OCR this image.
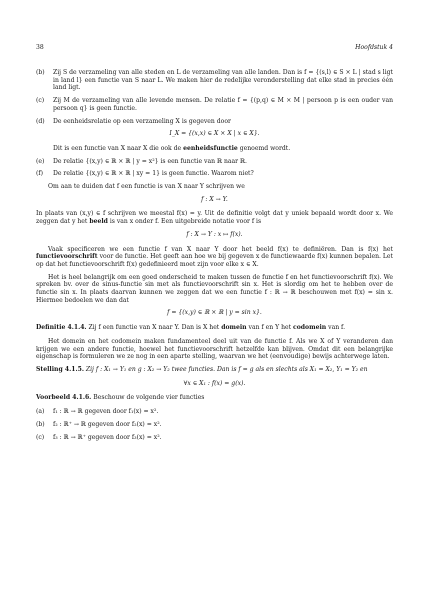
38	Hoofdstuk 4
(b)	Zij S de verzameling van alle steden en L de verzameling van alle landen. Dan is f = {(s,l) ∈ S × L | stad s ligt in land l} een functie van S naar L. We maken hier de redelijke veronderstelling dat elke stad in precies één land ligt.
(c)	Zij M de verzameling van alle levende mensen. De relatie f = {(p,q) ∈ M × M | persoon p is een ouder van persoon q} is geen functie.
(d)	De eenheidsrelatie op een verzameling X is gegeven door
I_X = {(x,x) ∈ X × X | x ∈ X}.

Dit is een functie van X naar X die ook de eenheidsfunctie genoemd wordt.

(e)	De relatie {(x,y) ∈ ℝ × ℝ | y = x²} is een functie van ℝ naar ℝ.
(f)	De relatie {(x,y) ∈ ℝ × ℝ | xy = 1} is geen functie. Waarom niet?

Om aan te duiden dat f een functie is van X naar Y schrijven we

f : X → Y.

In plaats van (x,y) ∈ f schrijven we meestal f(x) = y. Uit de definitie volgt dat y uniek bepaald wordt door x. We zeggen dat y het beeld is van x onder f. Een uitgebreide notatie voor f is

f : X → Y : x ↦ f(x).

Vaak specificeren we een functie f van X naar Y door het beeld f(x) te definiëren. Dan is f(x) het functievoorschrift voor de functie. Het geeft aan hoe we bij gegeven x de functiewaarde f(x) kunnen bepalen. Let op dat het functievoorschrift f(x) gedefinieerd moet zijn voor elke x ∈ X.

Het is heel belangrijk om een goed onderscheid te maken tussen de functie f en het functievoorschrift f(x). We spreken bv. over de sinus-functie sin met als functievoorschrift sin x. Het is slordig om het te hebben over de functie sin x. In plaats daarvan kunnen we zeggen dat we een functie f : ℝ → ℝ beschouwen met f(x) = sin x. Hiermee bedoelen we dan dat

f = {(x,y) ∈ ℝ × ℝ | y = sin x}.

Definitie 4.1.4. Zij f een functie van X naar Y. Dan is X het domein van f en Y het codomein van f.

Het domein en het codomein maken fundamenteel deel uit van de functie f. Als we X of Y veranderen dan krijgen we een andere functie, hoewel het functievoorschrift hetzelfde kan blijven. Omdat dit een belangrijke eigenschap is formuleren we ze nog in een aparte stelling, waarvan we het (eenvoudige) bewijs achterwege laten.

Stelling 4.1.5. Zij f : X₁ → Y₁ en g : X₂ → Y₂ twee functies. Dan is f = g als en slechts als X₁ = X₂, Y₁ = Y₂ en

∀x ∈ X₁ : f(x) = g(x).

Voorbeeld 4.1.6. Beschouw de volgende vier functies

(a)	f₁ : ℝ → ℝ gegeven door f₁(x) = x².
(b)	f₂ : ℝ⁺ → ℝ gegeven door f₂(x) = x².
(c)	f₃ : ℝ → ℝ⁺ gegeven door f₃(x) = x².
